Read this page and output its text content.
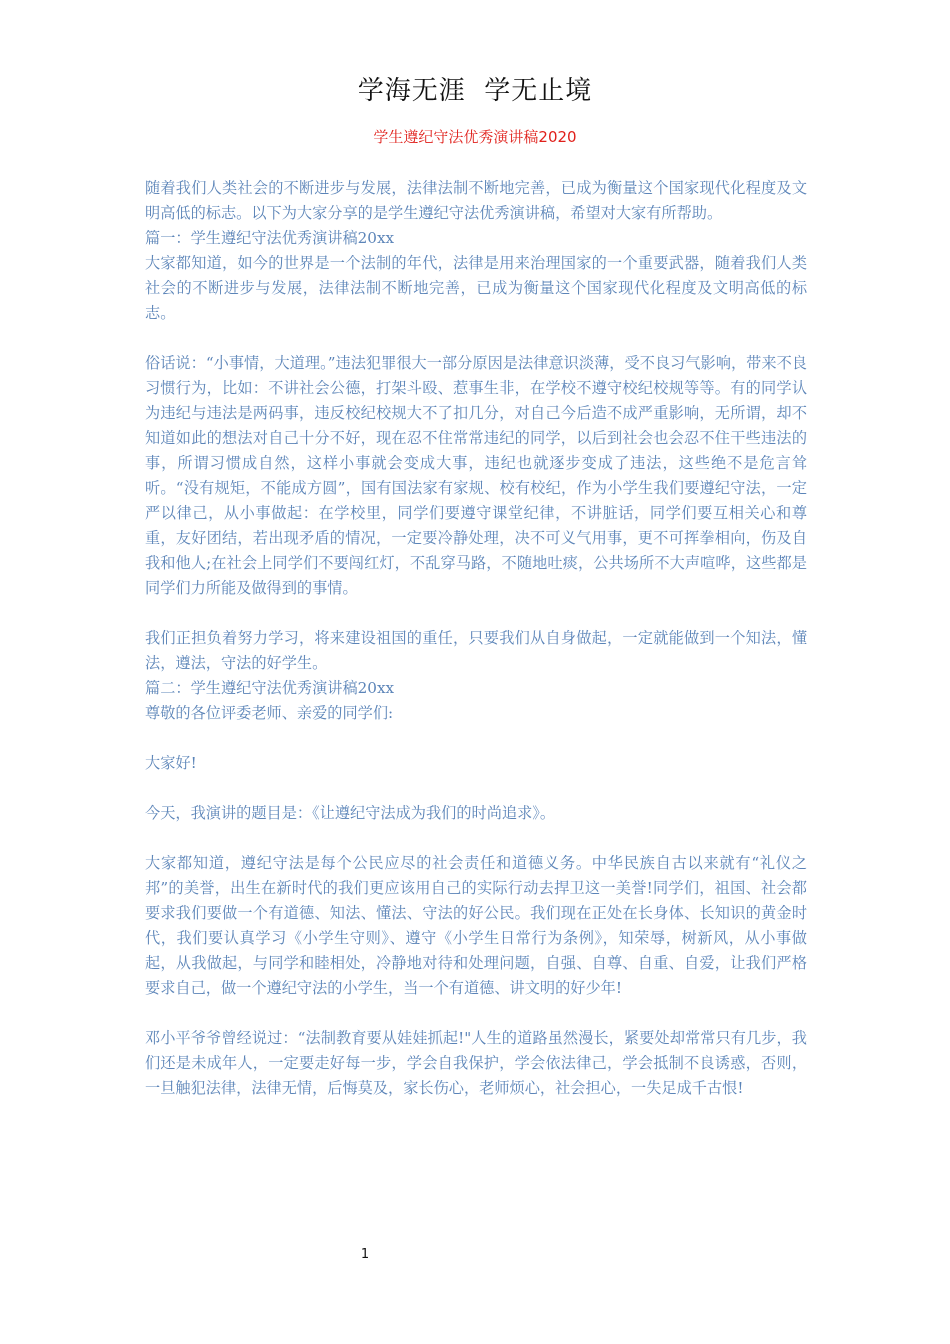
学海无涯  学无止境
学生遵纪守法优秀演讲稿2020

随着我们人类社会的不断进步与发展，法律法制不断地完善，已成为衡量这个国家现代化程度及文明高低的标志。以下为大家分享的是学生遵纪守法优秀演讲稿，希望对大家有所帮助。

篇一：学生遵纪守法优秀演讲稿20xx

大家都知道，如今的世界是一个法制的年代，法律是用来治理国家的一个重要武器，随着我们人类社会的不断进步与发展，法律法制不断地完善，已成为衡量这个国家现代化程度及文明高低的标志。

俗话说：“小事情，大道理。”违法犯罪很大一部分原因是法律意识淡薄，受不良习气影响，带来不良习惯行为，比如：不讲社会公德，打架斗殴、惹事生非，在学校不遵守校纪校规等等。有的同学认为违纪与违法是两码事，违反校纪校规大不了扣几分，对自己今后造不成严重影响，无所谓，却不知道如此的想法对自己十分不好，现在忍不住常常违纪的同学，以后到社会也会忍不住干些违法的事，所谓习惯成自然，这样小事就会变成大事，违纪也就逐步变成了违法，这些绝不是危言耸听。“没有规矩，不能成方圆”，国有国法家有家规、校有校纪，作为小学生我们要遵纪守法，一定严以律己，从小事做起：在学校里，同学们要遵守课堂纪律，不讲脏话，同学们要互相关心和尊重，友好团结，若出现矛盾的情况，一定要冷静处理，决不可义气用事，更不可挥拳相向，伤及自我和他人;在社会上同学们不要闯红灯，不乱穿马路，不随地吐痰，公共场所不大声喧哗，这些都是同学们力所能及做得到的事情。

我们正担负着努力学习，将来建设祖国的重任，只要我们从自身做起，一定就能做到一个知法，懂法，遵法，守法的好学生。

篇二：学生遵纪守法优秀演讲稿20xx

尊敬的各位评委老师、亲爱的同学们:

大家好!

今天，我演讲的题目是：《让遵纪守法成为我们的时尚追求》。

大家都知道，遵纪守法是每个公民应尽的社会责任和道德义务。中华民族自古以来就有“礼仪之邦”的美誉，出生在新时代的我们更应该用自己的实际行动去捍卫这一美誉!同学们，祖国、社会都要求我们要做一个有道德、知法、懂法、守法的好公民。我们现在正处在长身体、长知识的黄金时代，我们要认真学习《小学生守则》、遵守《小学生日常行为条例》，知荣辱，树新风，从小事做起，从我做起，与同学和睦相处，冷静地对待和处理问题，自强、自尊、自重、自爱，让我们严格要求自己，做一个遵纪守法的小学生，当一个有道德、讲文明的好少年!

邓小平爷爷曾经说过：“法制教育要从娃娃抓起!"人生的道路虽然漫长，紧要处却常常只有几步，我们还是未成年人，一定要走好每一步，学会自我保护，学会依法律己，学会抵制不良诱惑，否则，一旦触犯法律，法律无情，后悔莫及，家长伤心，老师烦心，社会担心，一失足成千古恨!

1
